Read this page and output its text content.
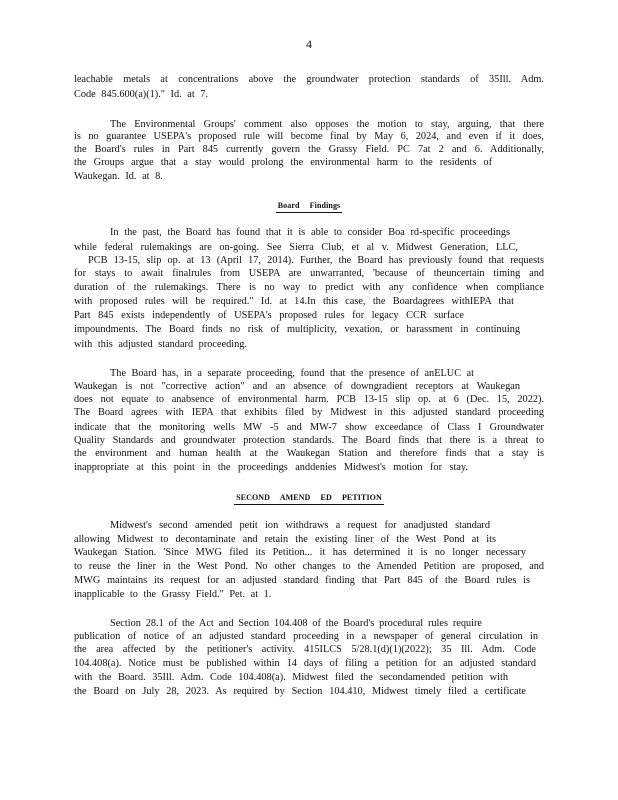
4
leachable metals at concentrations above the groundwater protection standards of 35Ill. Adm.
Code 845.600(a)(1)." Id. at 7.
The Environmental Groups' comment also opposes the motion to stay, arguing, that there
is no guarantee USEPA's proposed rule will become final by May 6, 2024, and even if it does,
the Board's rules in Part 845 currently govern the Grassy Field. PC 7at 2 and 6. Additionally,
the Groups argue that a stay would prolong the environmental harm to the residents of
Waukegan. Id. at 8.
Board Findings
In the past, the Board has found that it is able to consider Boa rd-specific proceedings
while federal rulemakings are on-going. See Sierra Club, et al v. Midwest Generation, LLC,
PCB 13-15, slip op. at 13 (April 17, 2014). Further, the Board has previously found that requests
for stays to await finalrules from USEPA are unwarranted, 'because of theuncertain timing and
duration of the rulemakings. There is no way to predict with any confidence when compliance
with proposed rules will be required." Id. at 14.In this case, the Boardagrees withIEPA that
Part 845 exists independently of USEPA's proposed rules for legacy CCR surface
impoundments. The Board finds no risk of multiplicity, vexation, or harassment in continuing
with this adjusted standard proceeding.
The Board has, in a separate proceeding, found that the presence of anELUC at
Waukegan is not "corrective action" and an absence of downgradient receptors at Waukegan
does not equate to anabsence of environmental harm. PCB 13-15 slip op. at 6 (Dec. 15, 2022).
The Board agrees with IEPA that exhibits filed by Midwest in this adjusted standard proceeding
indicate that the monitoring wells MW -5 and MW-7 show exceedance of Class I Groundwater
Quality Standards and groundwater protection standards. The Board finds that there is a threat to
the environment and human health at the Waukegan Station and therefore finds that a stay is
inappropriate at this point in the proceedings anddenies Midwest's motion for stay.
SECOND AMEND ED PETITION
Midwest's second amended petit ion withdraws a request for anadjusted standard
allowing Midwest to decontaminate and retain the existing liner of the West Pond at its
Waukegan Station. 'Since MWG filed its Petition... it has determined it is no longer necessary
to reuse the liner in the West Pond. No other changes to the Amended Petition are proposed, and
MWG maintains its request for an adjusted standard finding that Part 845 of the Board rules is
inapplicable to the Grassy Field." Pet. at 1.
Section 28.1 of the Act and Section 104.408 of the Board's procedural rules require
publication of notice of an adjusted standard proceeding in a newspaper of general circulation in
the area affected by the petitioner's activity. 415ILCS 5/28.1(d)(1)(2022); 35 Ill. Adm. Code
104.408(a). Notice must be published within 14 days of filing a petition for an adjusted standard
with the Board. 35Ill. Adm. Code 104.408(a). Midwest filed the secondamended petition with
the Board on July 28, 2023. As required by Section 104.410, Midwest timely filed a certificate
